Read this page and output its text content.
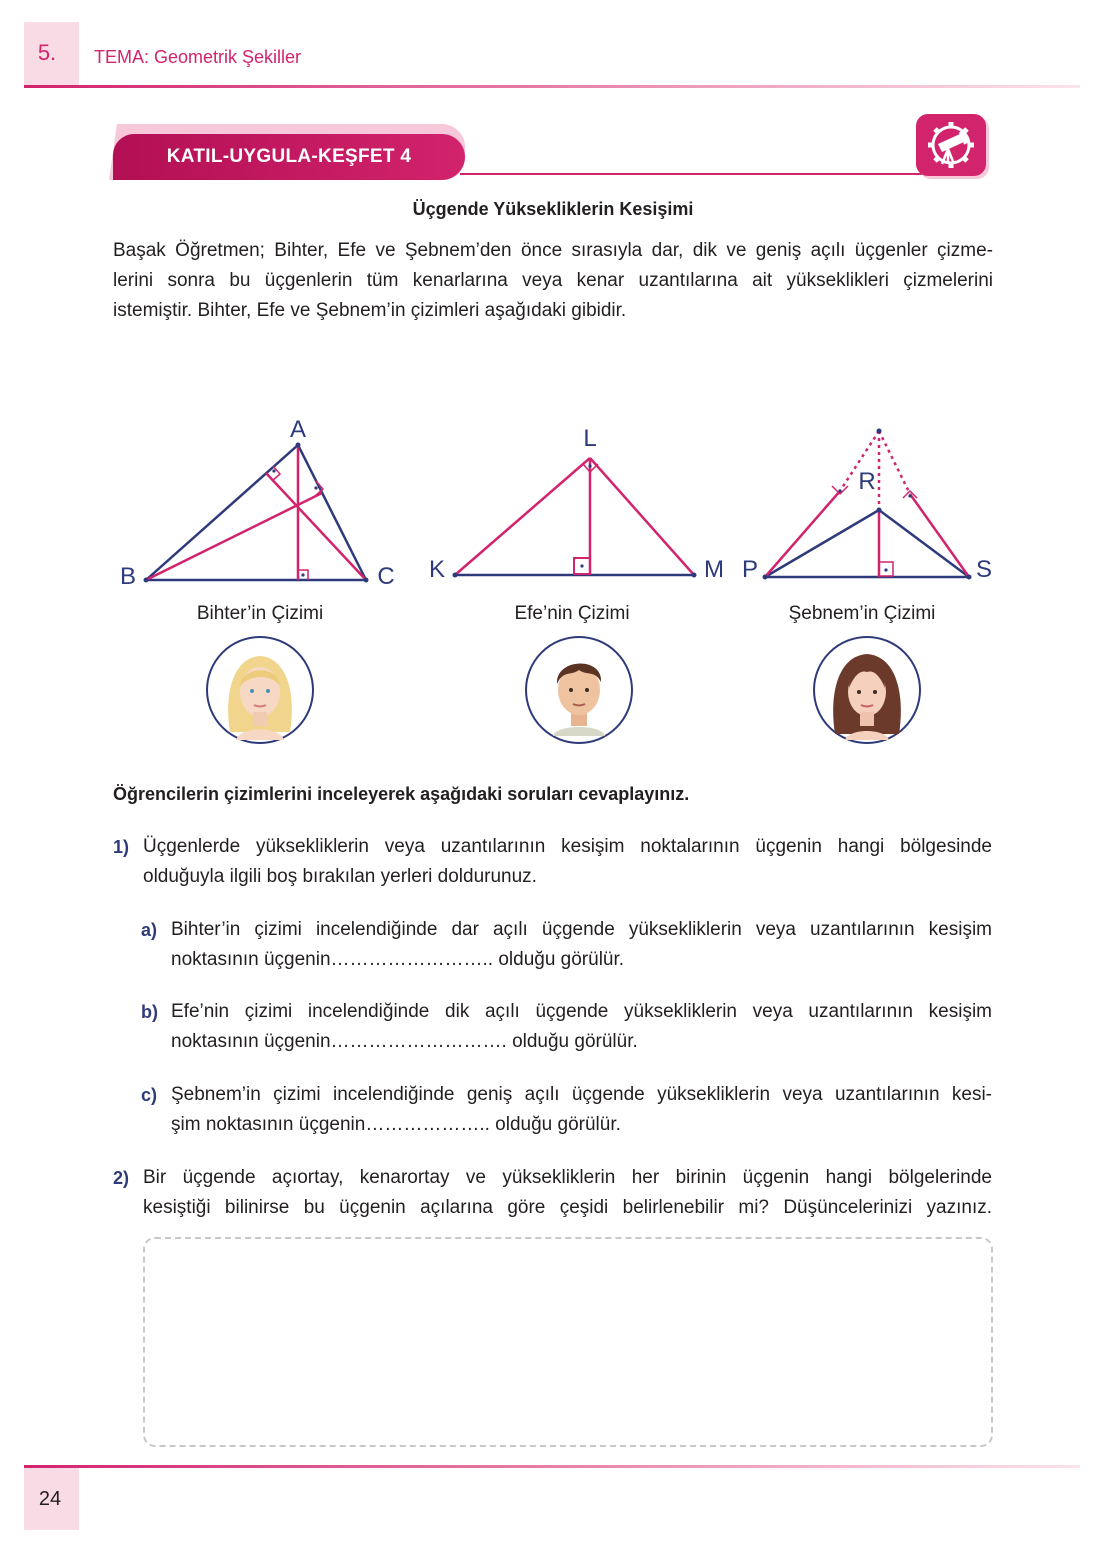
5.	TEMA: Geometrik Şekiller
KATIL-UYGULA-KEŞFET 4
Üçgende Yüksekliklerin Kesişimi
Başak Öğretmen; Bihter, Efe ve Şebnem’den önce sırasıyla dar, dik ve geniş açılı üçgenler çizme-
lerini sonra bu üçgenlerin tüm kenarlarına veya kenar uzantılarına ait yükseklikleri çizmelerini
istemiştir. Bihter, Efe ve Şebnem’in çizimleri aşağıdaki gibidir.
A
B	C
L
K	M
R
P	S
Bihter’in Çizimi	Efe’nin Çizimi	Şebnem’in Çizimi
Öğrencilerin çizimlerini inceleyerek aşağıdaki soruları cevaplayınız.
1) Üçgenlerde yüksekliklerin veya uzantılarının kesişim noktalarının üçgenin hangi bölgesinde
olduğuyla ilgili boş bırakılan yerleri doldurunuz.
a) Bihter’in çizimi incelendiğinde dar açılı üçgende yüksekliklerin veya uzantılarının kesişim
noktasının üçgenin…………………….. olduğu görülür.
b) Efe’nin çizimi incelendiğinde dik açılı üçgende yüksekliklerin veya uzantılarının kesişim
noktasının üçgenin………………………. olduğu görülür.
c) Şebnem’in çizimi incelendiğinde geniş açılı üçgende yüksekliklerin veya uzantılarının kesi-
şim noktasının üçgenin……………….. olduğu görülür.
2) Bir üçgende açıortay, kenarortay ve yüksekliklerin her birinin üçgenin hangi bölgelerinde
kesiştiği bilinirse bu üçgenin açılarına göre çeşidi belirlenebilir mi? Düşüncelerinizi yazınız.
24
